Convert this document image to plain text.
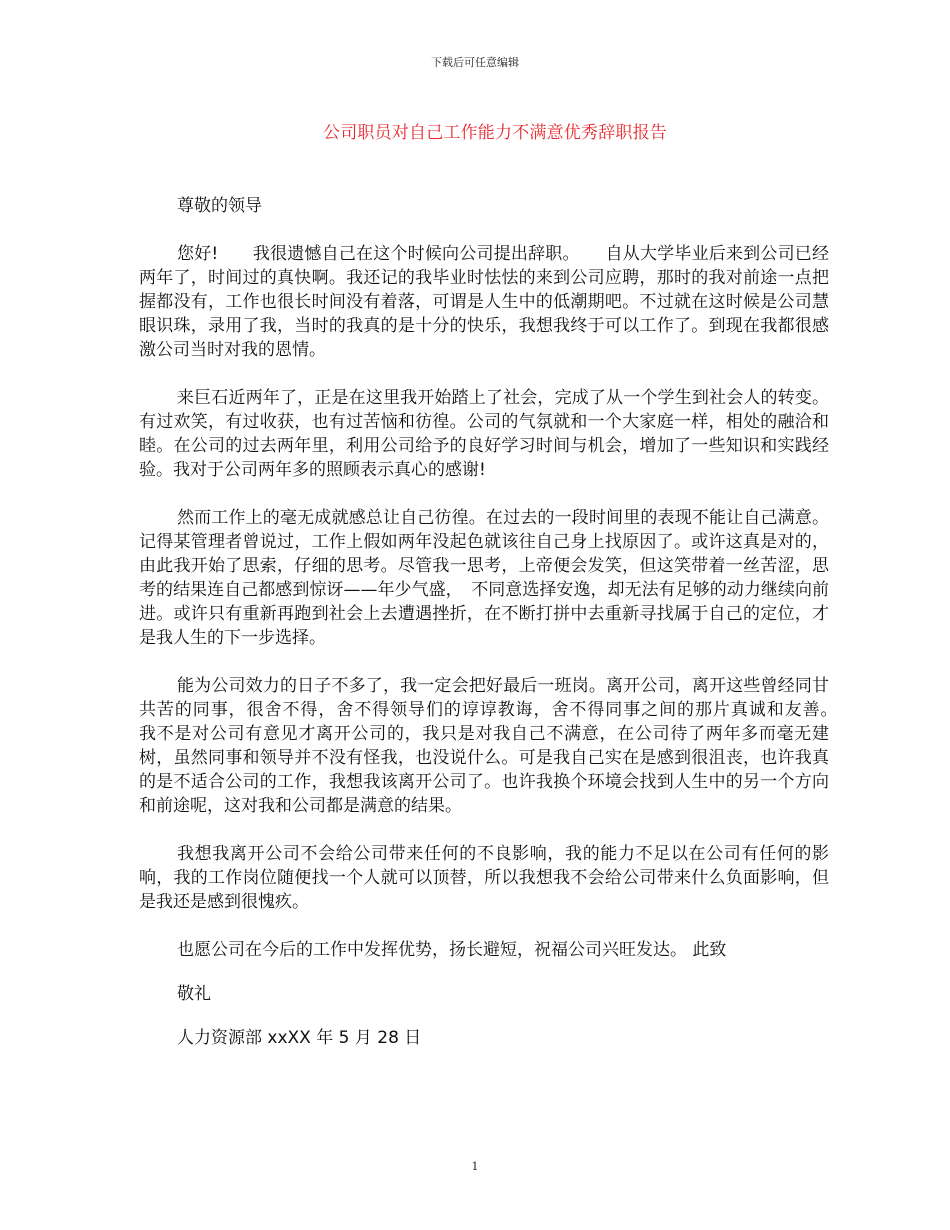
下载后可任意编辑
公司职员对自己工作能力不满意优秀辞职报告

尊敬的领导

您好!　　我很遗憾自己在这个时候向公司提出辞职。　　自从大学毕业后来到公司已经两年了，时间过的真快啊。我还记的我毕业时怯怯的来到公司应聘，那时的我对前途一点把握都没有，工作也很长时间没有着落，可谓是人生中的低潮期吧。不过就在这时候是公司慧眼识珠，录用了我，当时的我真的是十分的快乐，我想我终于可以工作了。到现在我都很感激公司当时对我的恩情。

来巨石近两年了，正是在这里我开始踏上了社会，完成了从一个学生到社会人的转变。有过欢笑，有过收获，也有过苦恼和彷徨。公司的气氛就和一个大家庭一样，相处的融洽和睦。在公司的过去两年里，利用公司给予的良好学习时间与机会，增加了一些知识和实践经验。我对于公司两年多的照顾表示真心的感谢!

然而工作上的毫无成就感总让自己彷徨。在过去的一段时间里的表现不能让自己满意。记得某管理者曾说过，工作上假如两年没起色就该往自己身上找原因了。或许这真是对的，由此我开始了思索，仔细的思考。尽管我一思考，上帝便会发笑，但这笑带着一丝苦涩，思考的结果连自己都感到惊讶——年少气盛，　不同意选择安逸，却无法有足够的动力继续向前进。或许只有重新再跑到社会上去遭遇挫折，在不断打拼中去重新寻找属于自己的定位，才是我人生的下一步选择。

能为公司效力的日子不多了，我一定会把好最后一班岗。离开公司，离开这些曾经同甘共苦的同事，很舍不得，舍不得领导们的谆谆教诲，舍不得同事之间的那片真诚和友善。　　我不是对公司有意见才离开公司的，我只是对我自己不满意，在公司待了两年多而毫无建树，虽然同事和领导并不没有怪我，也没说什么。可是我自己实在是感到很沮丧，也许我真的是不适合公司的工作，我想我该离开公司了。也许我换个环境会找到人生中的另一个方向和前途呢，这对我和公司都是满意的结果。

我想我离开公司不会给公司带来任何的不良影响，我的能力不足以在公司有任何的影响，我的工作岗位随便找一个人就可以顶替，所以我想我不会给公司带来什么负面影响，但是我还是感到很愧疚。

也愿公司在今后的工作中发挥优势，扬长避短，祝福公司兴旺发达。 此致

敬礼

人力资源部 xxXX 年 5 月 28 日

1
